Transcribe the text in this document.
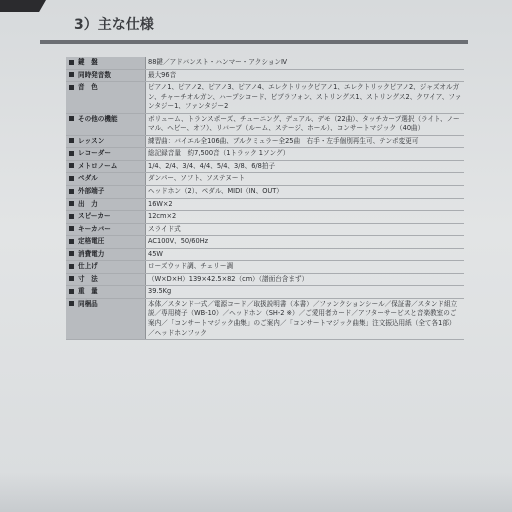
3）主な仕様
鍵　盤	88鍵／アドバンスト・ハンマー・アクションⅣ
同時発音数	最大96音
音　色	ピアノ1、ピアノ2、ピアノ3、ピアノ4、エレクトリックピアノ1、エレクトリックピアノ2、ジャズオルガン、チャーチオルガン、ハープシコード、ビブラフォン、ストリングス1、ストリングス2、クワイア、ファンタジー1、ファンタジー2
その他の機能	ボリューム、トランスポーズ、チューニング、デュアル、デモ（22曲）、タッチカーブ選択（ライト、ノーマル、ヘビー、オフ）、リバーブ（ルーム、ステージ、ホール）、コンサートマジック（40曲）
レッスン	練習曲：バイエル全106曲、ブルクミュラー全25曲　右手・左手個別再生可、テンポ変更可
レコーダー	総記録音量　約7,500音（1トラック 1ソング）
メトロノーム	1/4、2/4、3/4、4/4、5/4、3/8、6/8拍子
ペダル	ダンパー、ソフト、ソステヌート
外部端子	ヘッドホン（2）、ペダル、MIDI（IN、OUT）
出　力	16W×2
スピーカー	12cm×2
キーカバー	スライド式
定格電圧	AC100V、50/60Hz
消費電力	45W
仕上げ	ローズウッド調、チェリー調
寸　法	（W×D×H）139×42.5×82（cm）（譜面台含まず）
重　量	39.5Kg
同梱品	本体／スタンド一式／電源コード／取扱説明書（本書）／ファンクションシール／保証書／スタンド組立説／専用椅子（WB-10）／ヘッドホン（SH-2 ※）／ご愛用者カード／アフターサービスと音楽教室のご案内／「コンサートマジック曲集」のご案内／「コンサートマジック曲集」注文振込用紙（全て各1部）／ヘッドホンフック
